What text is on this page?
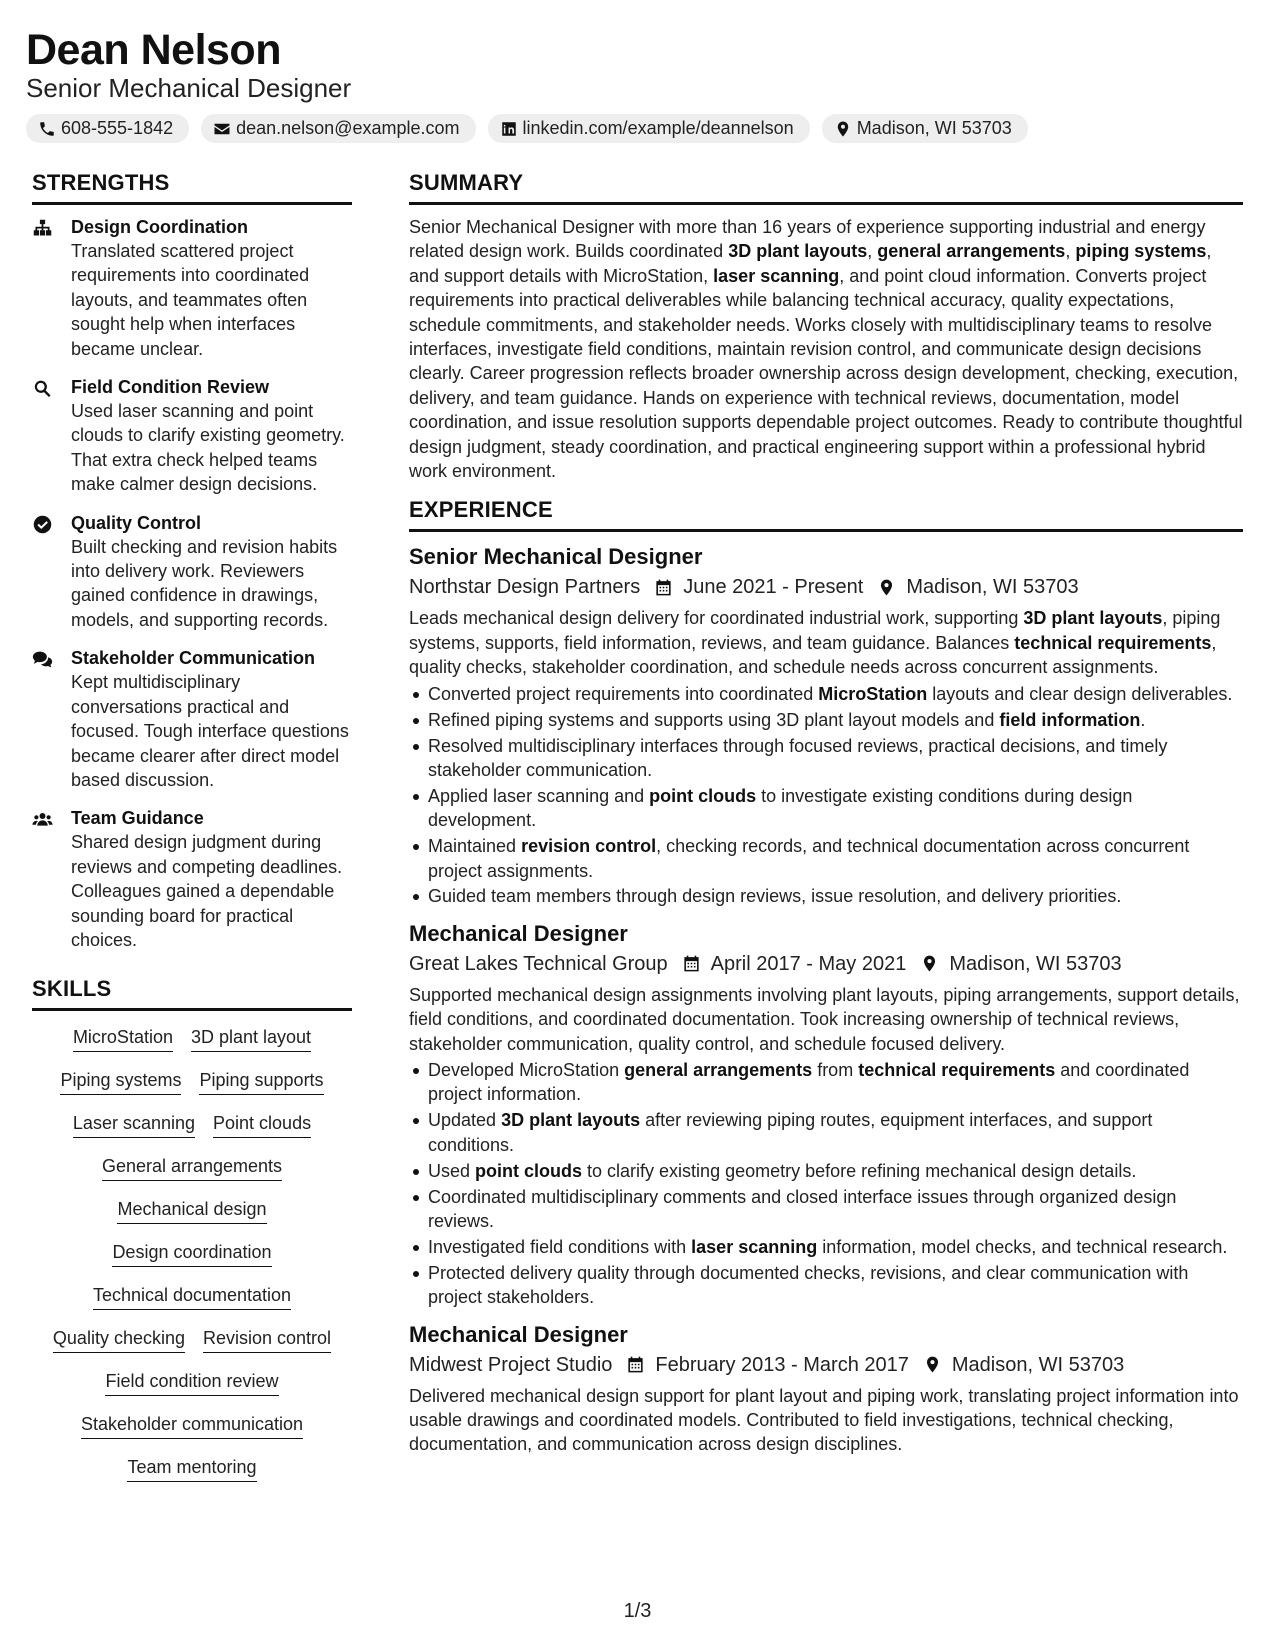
Dean Nelson
Senior Mechanical Designer
608-555-1842	dean.nelson@example.com	linkedin.com/example/deannelson	Madison, WI 53703
STRENGTHS
Design Coordination
Translated scattered project requirements into coordinated layouts, and teammates often sought help when interfaces became unclear.
Field Condition Review
Used laser scanning and point clouds to clarify existing geometry. That extra check helped teams make calmer design decisions.
Quality Control
Built checking and revision habits into delivery work. Reviewers gained confidence in drawings, models, and supporting records.
Stakeholder Communication
Kept multidisciplinary conversations practical and focused. Tough interface questions became clearer after direct model based discussion.
Team Guidance
Shared design judgment during reviews and competing deadlines. Colleagues gained a dependable sounding board for practical choices.
SKILLS
MicroStation 3D plant layout
Piping systems Piping supports
Laser scanning Point clouds
General arrangements
Mechanical design
Design coordination
Technical documentation
Quality checking Revision control
Field condition review
Stakeholder communication
Team mentoring
SUMMARY
Senior Mechanical Designer with more than 16 years of experience supporting industrial and energy related design work. Builds coordinated 3D plant layouts, general arrangements, piping systems, and support details with MicroStation, laser scanning, and point cloud information. Converts project requirements into practical deliverables while balancing technical accuracy, quality expectations, schedule commitments, and stakeholder needs. Works closely with multidisciplinary teams to resolve interfaces, investigate field conditions, maintain revision control, and communicate design decisions clearly. Career progression reflects broader ownership across design development, checking, execution, delivery, and team guidance. Hands on experience with technical reviews, documentation, model coordination, and issue resolution supports dependable project outcomes. Ready to contribute thoughtful design judgment, steady coordination, and practical engineering support within a professional hybrid work environment.
EXPERIENCE
Senior Mechanical Designer
Northstar Design Partners June 2021 - Present Madison, WI 53703
Leads mechanical design delivery for coordinated industrial work, supporting 3D plant layouts, piping systems, supports, field information, reviews, and team guidance. Balances technical requirements, quality checks, stakeholder coordination, and schedule needs across concurrent assignments.
Converted project requirements into coordinated MicroStation layouts and clear design deliverables.
Refined piping systems and supports using 3D plant layout models and field information.
Resolved multidisciplinary interfaces through focused reviews, practical decisions, and timely stakeholder communication.
Applied laser scanning and point clouds to investigate existing conditions during design development.
Maintained revision control, checking records, and technical documentation across concurrent project assignments.
Guided team members through design reviews, issue resolution, and delivery priorities.
Mechanical Designer
Great Lakes Technical Group April 2017 - May 2021 Madison, WI 53703
Supported mechanical design assignments involving plant layouts, piping arrangements, support details, field conditions, and coordinated documentation. Took increasing ownership of technical reviews, stakeholder communication, quality control, and schedule focused delivery.
Developed MicroStation general arrangements from technical requirements and coordinated project information.
Updated 3D plant layouts after reviewing piping routes, equipment interfaces, and support conditions.
Used point clouds to clarify existing geometry before refining mechanical design details.
Coordinated multidisciplinary comments and closed interface issues through organized design reviews.
Investigated field conditions with laser scanning information, model checks, and technical research.
Protected delivery quality through documented checks, revisions, and clear communication with project stakeholders.
Mechanical Designer
Midwest Project Studio February 2013 - March 2017 Madison, WI 53703
Delivered mechanical design support for plant layout and piping work, translating project information into usable drawings and coordinated models. Contributed to field investigations, technical checking, documentation, and communication across design disciplines.
1/3
